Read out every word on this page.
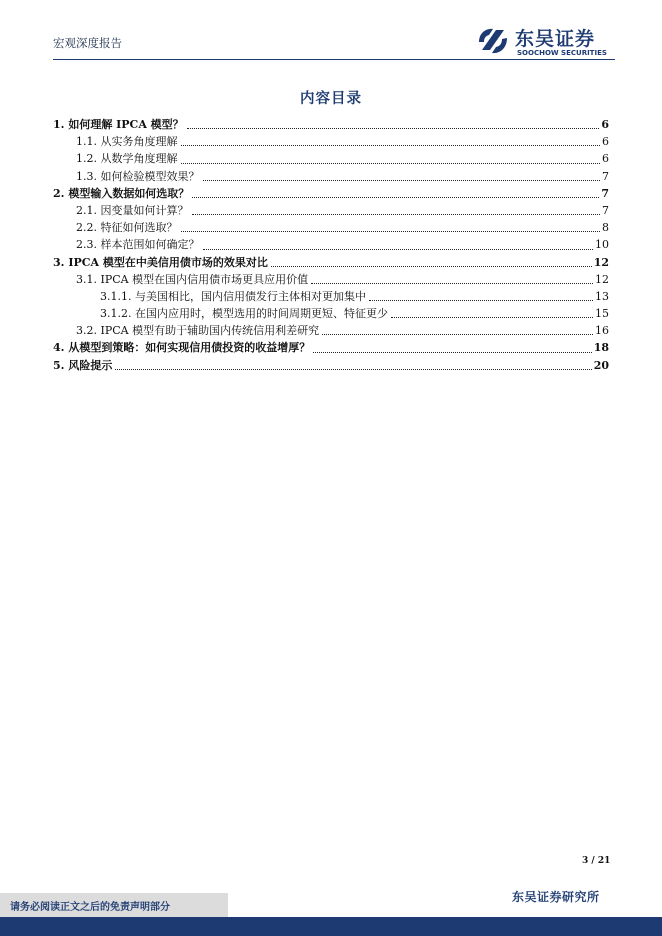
宏观深度报告	东吴证券
SOOCHOW SECURITIES
内容目录
1. 如何理解 IPCA 模型？	6
1.1. 从实务角度理解	6
1.2. 从数学角度理解	6
1.3. 如何检验模型效果？	7
2. 模型输入数据如何选取？	7
2.1. 因变量如何计算？	7
2.2. 特征如何选取？	8
2.3. 样本范围如何确定？	10
3. IPCA 模型在中美信用债市场的效果对比	12
3.1. IPCA 模型在国内信用债市场更具应用价值	12
3.1.1. 与美国相比，国内信用债发行主体相对更加集中	13
3.1.2. 在国内应用时，模型选用的时间周期更短、特征更少	15
3.2. IPCA 模型有助于辅助国内传统信用利差研究	16
4. 从模型到策略：如何实现信用债投资的收益增厚？	18
5. 风险提示	20
3 / 21
东吴证券研究所
请务必阅读正文之后的免责声明部分
